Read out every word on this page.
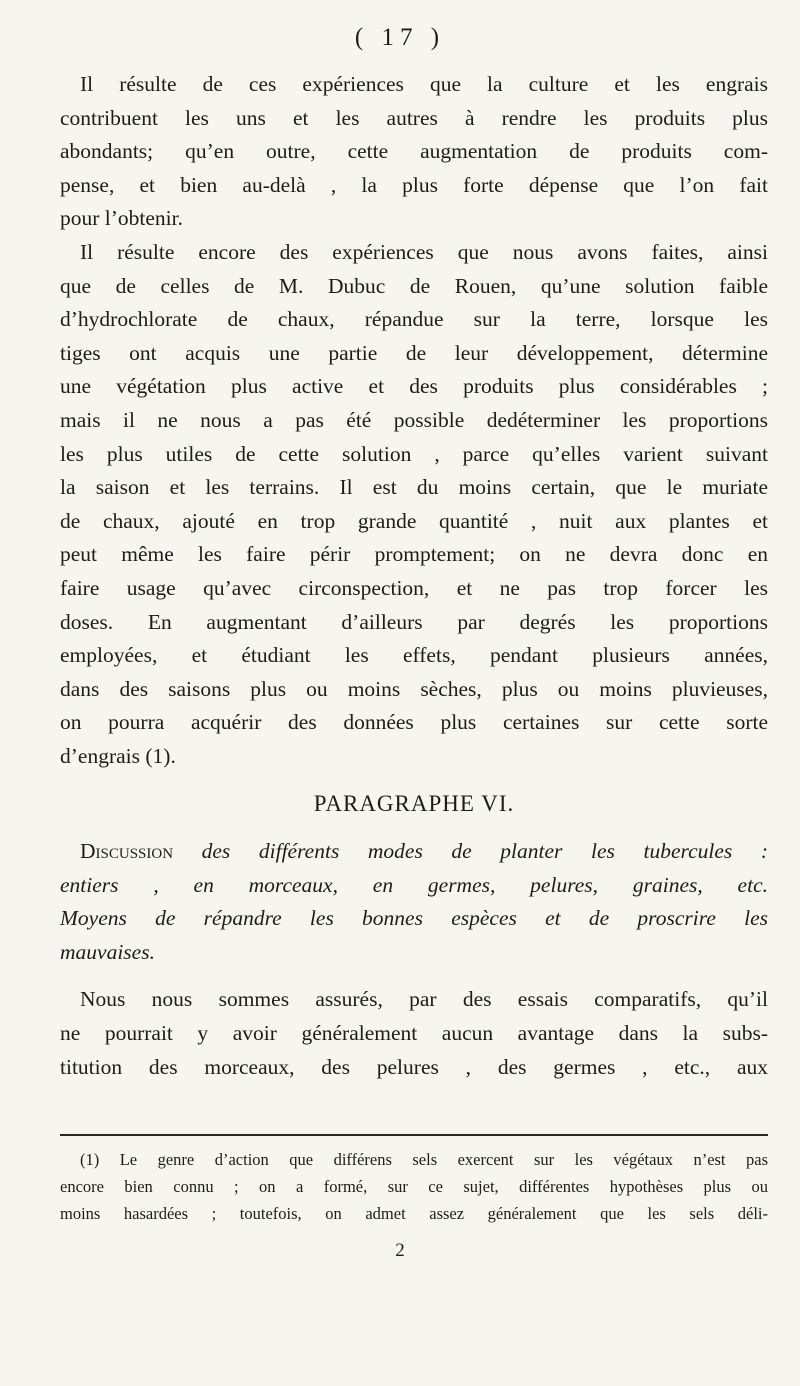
( 17 )
Il résulte de ces expériences que la culture et les engrais
contribuent les uns et les autres à rendre les produits plus
abondants; qu’en outre, cette augmentation de produits com-
pense, et bien au-delà , la plus forte dépense que l’on fait
pour l’obtenir.
Il résulte encore des expériences que nous avons faites, ainsi
que de celles de M. Dubuc de Rouen, qu’une solution faible
d’hydrochlorate de chaux, répandue sur la terre, lorsque les
tiges ont acquis une partie de leur développement, détermine
une végétation plus active et des produits plus considérables ;
mais il ne nous a pas été possible dedéterminer les proportions
les plus utiles de cette solution , parce qu’elles varient suivant
la saison et les terrains. Il est du moins certain, que le muriate
de chaux, ajouté en trop grande quantité , nuit aux plantes et
peut même les faire périr promptement; on ne devra donc en
faire usage qu’avec circonspection, et ne pas trop forcer les
doses. En augmentant d’ailleurs par degrés les proportions
employées, et étudiant les effets, pendant plusieurs années,
dans des saisons plus ou moins sèches, plus ou moins pluvieuses,
on pourra acquérir des données plus certaines sur cette sorte
d’engrais (1).
PARAGRAPHE VI.
Discussion des différents modes de planter les tubercules :
entiers , en morceaux, en germes, pelures, graines, etc.
Moyens de répandre les bonnes espèces et de proscrire les
mauvaises.
Nous nous sommes assurés, par des essais comparatifs, qu’il
ne pourrait y avoir généralement aucun avantage dans la subs-
titution des morceaux, des pelures , des germes , etc., aux
(1) Le genre d’action que différens sels exercent sur les végétaux n’est pas
encore bien connu ; on a formé, sur ce sujet, différentes hypothèses plus ou
moins hasardées ; toutefois, on admet assez généralement que les sels déli-
2
